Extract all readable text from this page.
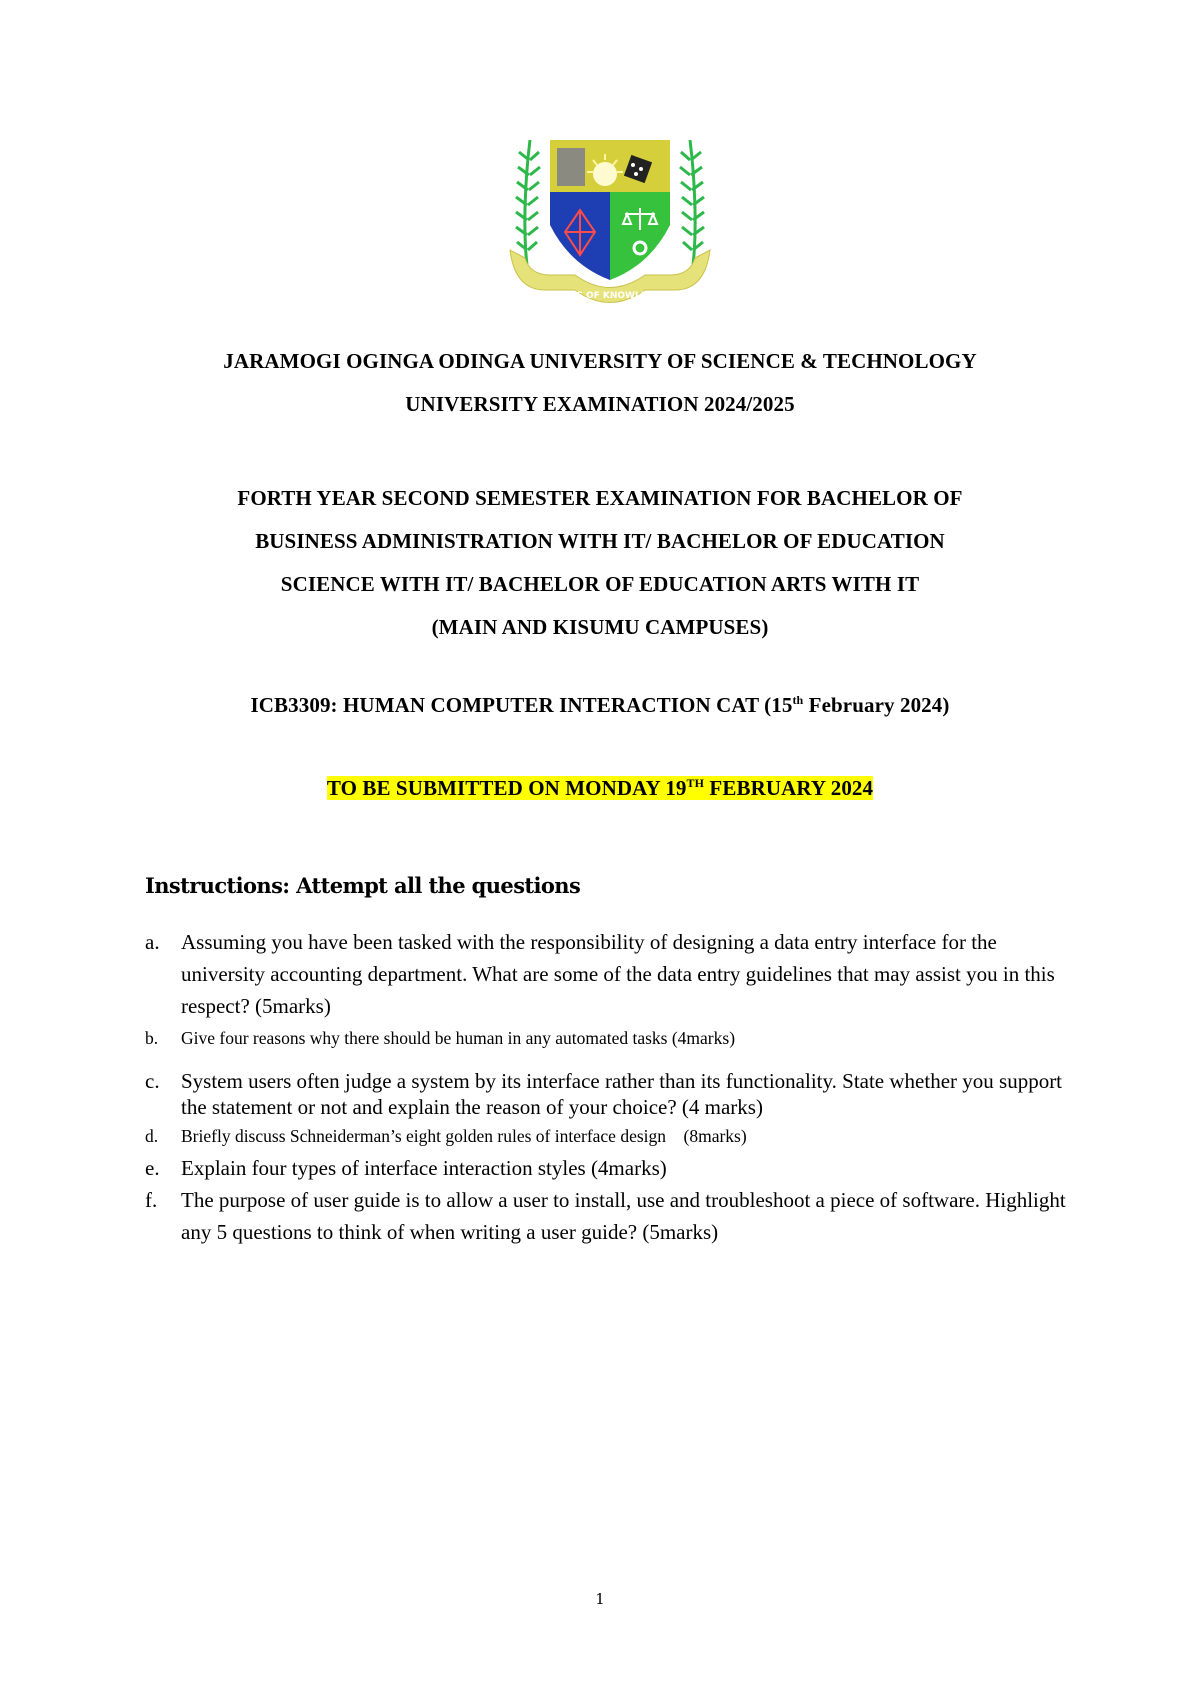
OASIS OF KNOWLEDGE
JARAMOGI OGINGA ODINGA UNIVERSITY OF SCIENCE & TECHNOLOGY
UNIVERSITY EXAMINATION 2024/2025
FORTH YEAR SECOND SEMESTER EXAMINATION FOR BACHELOR OF
BUSINESS ADMINISTRATION WITH IT/ BACHELOR OF EDUCATION
SCIENCE WITH IT/ BACHELOR OF EDUCATION ARTS WITH IT
(MAIN AND KISUMU CAMPUSES)
ICB3309: HUMAN COMPUTER INTERACTION CAT (15th February 2024)
TO BE SUBMITTED ON MONDAY 19TH FEBRUARY 2024
Instructions: Attempt all the questions
a.	Assuming you have been tasked with the responsibility of designing a data entry interface for the university accounting department. What are some of the data entry guidelines that may assist you in this respect? (5marks)
b.	Give four reasons why there should be human in any automated tasks (4marks)
c.	System users often judge a system by its interface rather than its functionality. State whether you support the statement or not and explain the reason of your choice? (4 marks)
d.	Briefly discuss Schneiderman’s eight golden rules of interface design    (8marks)
e.	Explain four types of interface interaction styles (4marks)
f.	The purpose of user guide is to allow a user to install, use and troubleshoot a piece of software. Highlight any 5 questions to think of when writing a user guide? (5marks)
1
